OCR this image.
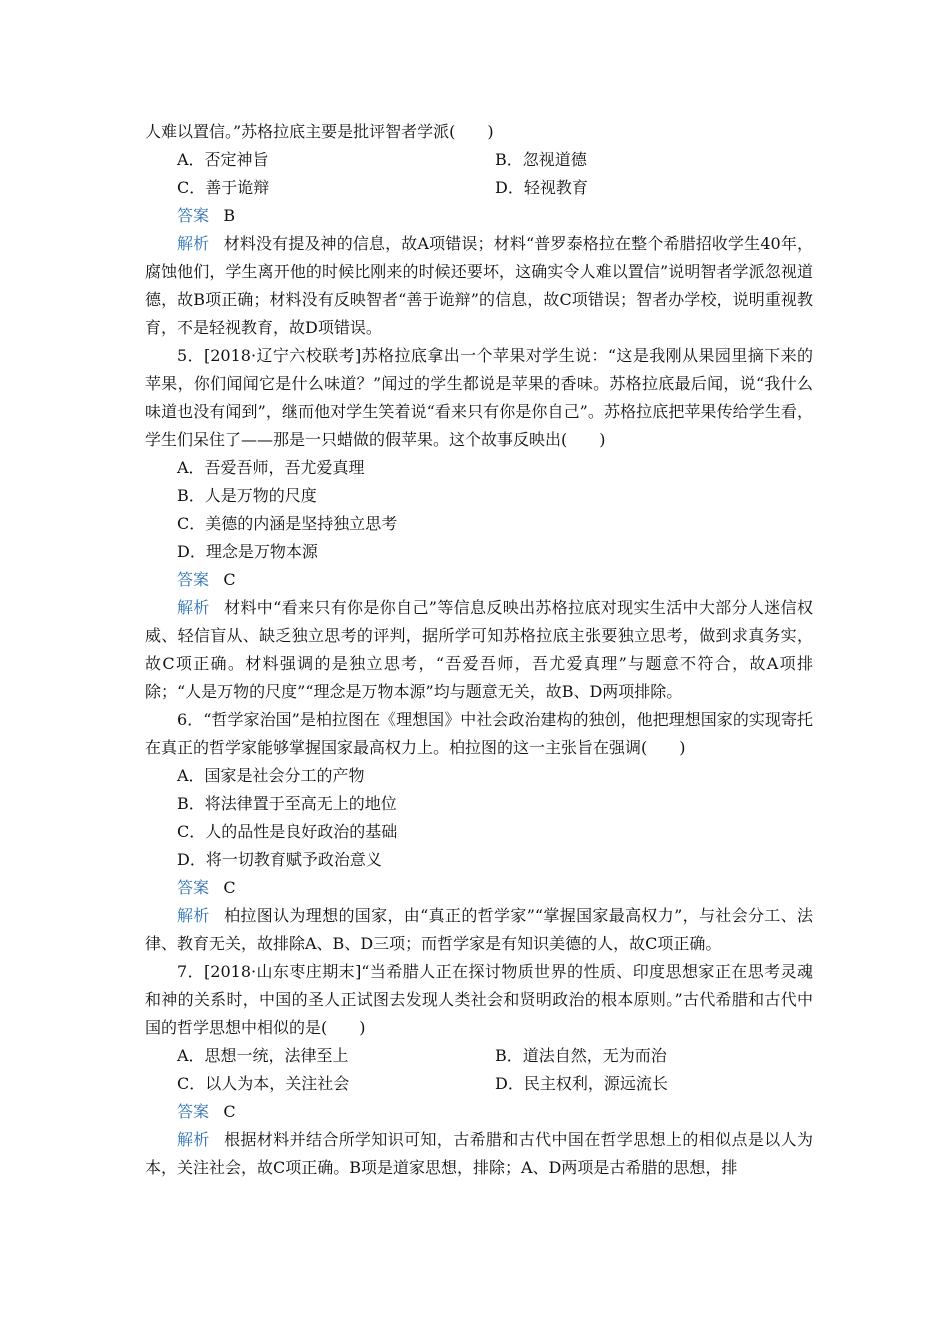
人难以置信。”苏格拉底主要是批评智者学派(　　)

A．否定神旨	B．忽视道德
C．善于诡辩	D．轻视教育

答案 B

解析 材料没有提及神的信息，故A项错误；材料“普罗泰格拉在整个希腊招收学生40年，腐蚀他们，学生离开他的时候比刚来的时候还要坏，这确实令人难以置信”说明智者学派忽视道德，故B项正确；材料没有反映智者“善于诡辩”的信息，故C项错误；智者办学校，说明重视教育，不是轻视教育，故D项错误。

5．[2018·辽宁六校联考]苏格拉底拿出一个苹果对学生说：“这是我刚从果园里摘下来的苹果，你们闻闻它是什么味道？”闻过的学生都说是苹果的香味。苏格拉底最后闻，说“我什么味道也没有闻到”，继而他对学生笑着说“看来只有你是你自己”。苏格拉底把苹果传给学生看，学生们呆住了——那是一只蜡做的假苹果。这个故事反映出(　　)

A．吾爱吾师，吾尤爱真理

B．人是万物的尺度

C．美德的内涵是坚持独立思考

D．理念是万物本源

答案 C

解析 材料中“看来只有你是你自己”等信息反映出苏格拉底对现实生活中大部分人迷信权威、轻信盲从、缺乏独立思考的评判，据所学可知苏格拉底主张要独立思考，做到求真务实，故C项正确。材料强调的是独立思考，“吾爱吾师，吾尤爱真理”与题意不符合，故A项排除；“人是万物的尺度”“理念是万物本源”均与题意无关，故B、D两项排除。

6．“哲学家治国”是柏拉图在《理想国》中社会政治建构的独创，他把理想国家的实现寄托在真正的哲学家能够掌握国家最高权力上。柏拉图的这一主张旨在强调(　　)

A．国家是社会分工的产物

B．将法律置于至高无上的地位

C．人的品性是良好政治的基础

D．将一切教育赋予政治意义

答案 C

解析 柏拉图认为理想的国家，由“真正的哲学家”“掌握国家最高权力”，与社会分工、法律、教育无关，故排除A、B、D三项；而哲学家是有知识美德的人，故C项正确。

7．[2018·山东枣庄期末]“当希腊人正在探讨物质世界的性质、印度思想家正在思考灵魂和神的关系时，中国的圣人正试图去发现人类社会和贤明政治的根本原则。”古代希腊和古代中国的哲学思想中相似的是(　　)

A．思想一统，法律至上	B．道法自然，无为而治
C．以人为本，关注社会	D．民主权利，源远流长

答案 C

解析 根据材料并结合所学知识可知，古希腊和古代中国在哲学思想上的相似点是以人为本，关注社会，故C项正确。B项是道家思想，排除；A、D两项是古希腊的思想，排
